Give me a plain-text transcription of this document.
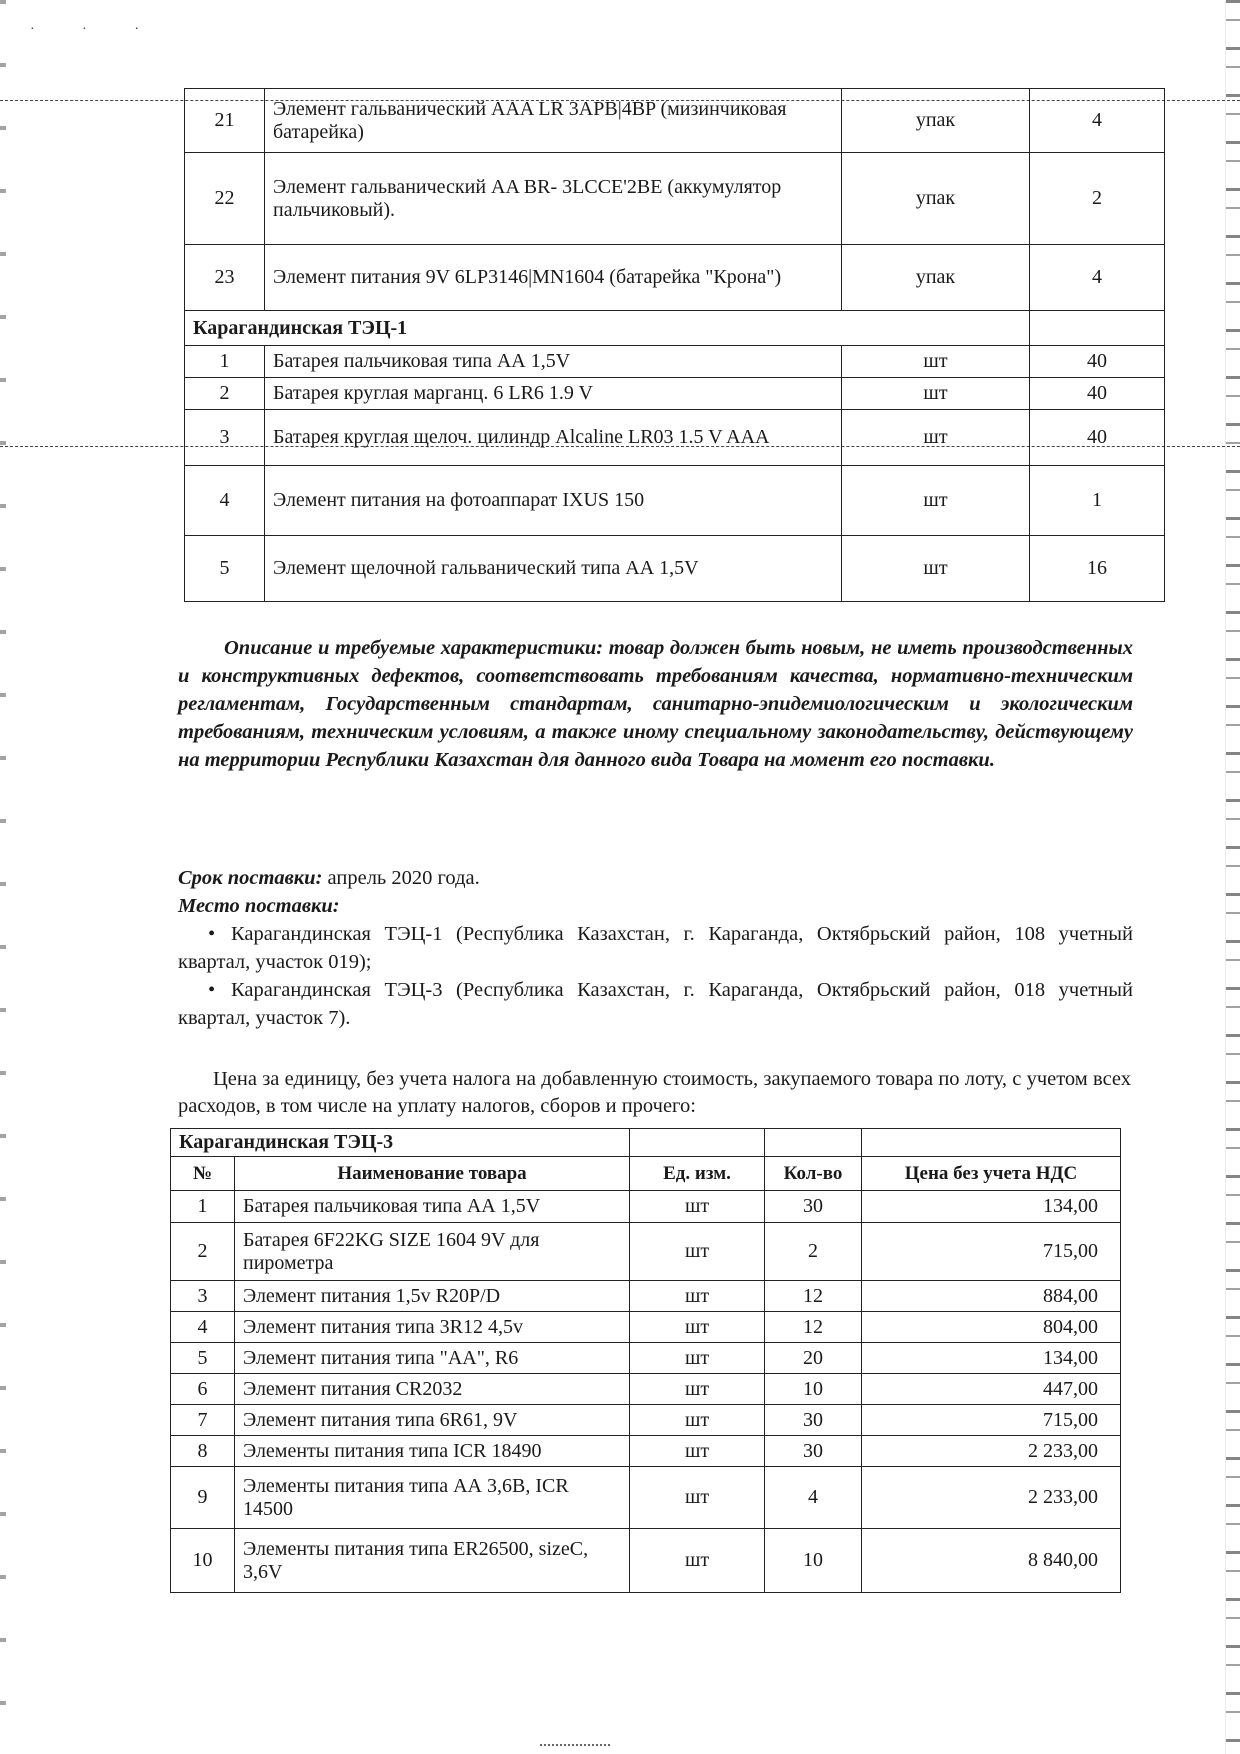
· · ·
21	Элемент гальванический AAA LR 3APB|4BP (мизинчиковая батарейка)	упак	4
22	Элемент гальванический AA BR- 3LCCE'2BE (аккумулятор пальчиковый).	упак	2
23	Элемент питания 9V 6LP3146|MN1604 (батарейка "Крона")	упак	4
Карагандинская ТЭЦ-1			
1	Батарея пальчиковая типа АА 1,5V	шт	40
2	Батарея круглая марганц. 6 LR6 1.9 V	шт	40
3	Батарея круглая щелоч. цилиндр Alcaline LR03 1.5 V AAA	шт	40
4	Элемент питания на фотоаппарат IXUS 150	шт	1
5	Элемент щелочной гальванический типа АА 1,5V	шт	16
Описание и требуемые характеристики: товар должен быть новым, не иметь производственных и конструктивных дефектов, соответствовать требованиям качества, нормативно-техническим регламентам, Государственным стандартам, санитарно-эпидемиологическим и экологическим требованиям, техническим условиям, а также иному специальному законодательству, действующему на территории Республики Казахстан для данного вида Товара на момент его поставки.
Срок поставки: апрель 2020 года.
Место поставки:
• Карагандинская ТЭЦ-1 (Республика Казахстан, г. Караганда, Октябрьский район, 108 учетный квартал, участок 019);
• Карагандинская ТЭЦ-3 (Республика Казахстан, г. Караганда, Октябрьский район, 018 учетный квартал, участок 7).
Цена за единицу, без учета налога на добавленную стоимость, закупаемого товара по лоту, с учетом всех расходов, в том числе на уплату налогов, сборов и прочего:
Карагандинская ТЭЦ-3				
№	Наименование товара	Ед. изм.	Кол-во	Цена без учета НДС
1	Батарея пальчиковая типа АА 1,5V	шт	30	134,00
2	Батарея 6F22KG SIZE 1604 9V для пирометра	шт	2	715,00
3	Элемент питания 1,5v R20P/D	шт	12	884,00
4	Элемент питания типа 3R12 4,5v	шт	12	804,00
5	Элемент питания типа "АА", R6	шт	20	134,00
6	Элемент питания CR2032	шт	10	447,00
7	Элемент питания типа 6R61, 9V	шт	30	715,00
8	Элементы питания типа ICR 18490	шт	30	2 233,00
9	Элементы питания типа АА 3,6В, ICR 14500	шт	4	2 233,00
10	Элементы питания типа ER26500, sizeC, 3,6V	шт	10	8 840,00
